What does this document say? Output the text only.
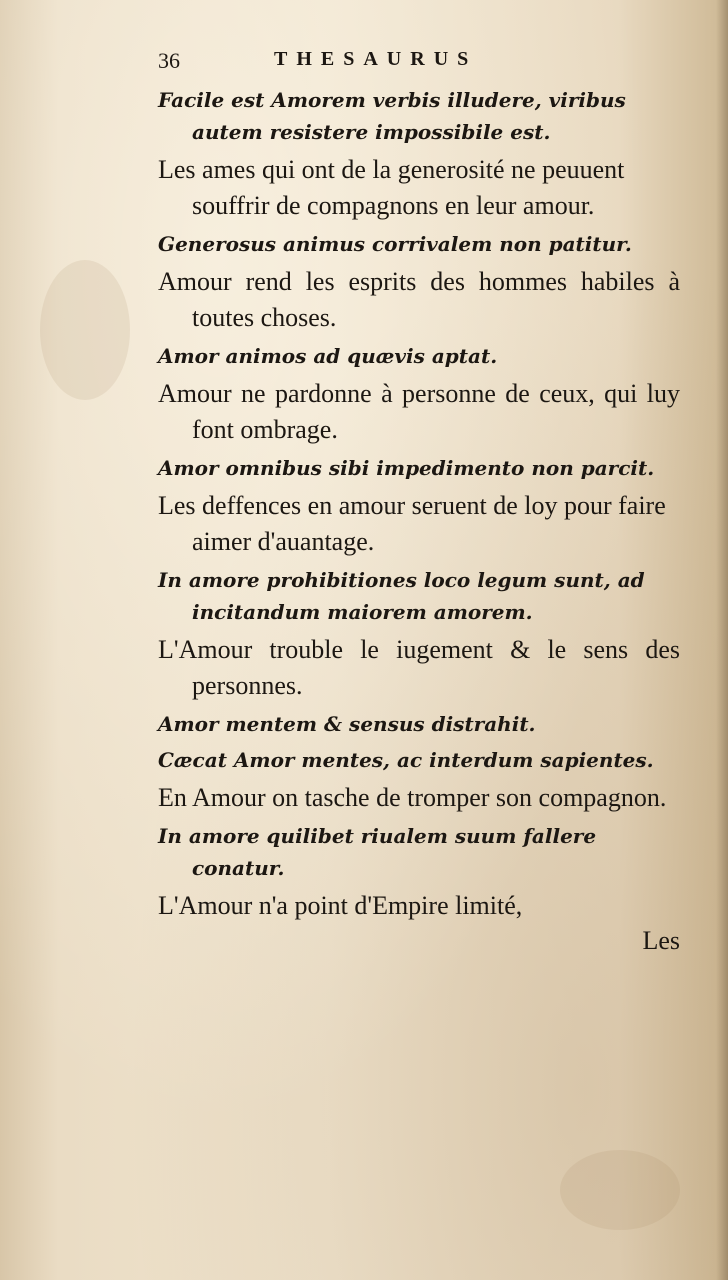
36	THESAURUS

Facile est Amorem verbis illudere, viribus autem resistere impossibile est.

Les ames qui ont de la generosité ne peuuent souffrir de compagnons en leur amour.

Generosus animus corrivalem non patitur.

Amour rend les esprits des hommes habiles à toutes choses.

Amor animos ad quævis aptat.

Amour ne pardonne à personne de ceux, qui luy font ombrage.

Amor omnibus sibi impedimento non parcit.

Les deffences en amour seruent de loy pour faire aimer d'auantage.

In amore prohibitiones loco legum sunt, ad incitandum maiorem amorem.

L'Amour trouble le iugement & le sens des personnes.

Amor mentem & sensus distrahit.

Cæcat Amor mentes, ac interdum sapientes.

En Amour on tasche de tromper son compagnon.

In amore quilibet riualem suum fallere conatur.

L'Amour n'a point d'Empire limité,

Les
